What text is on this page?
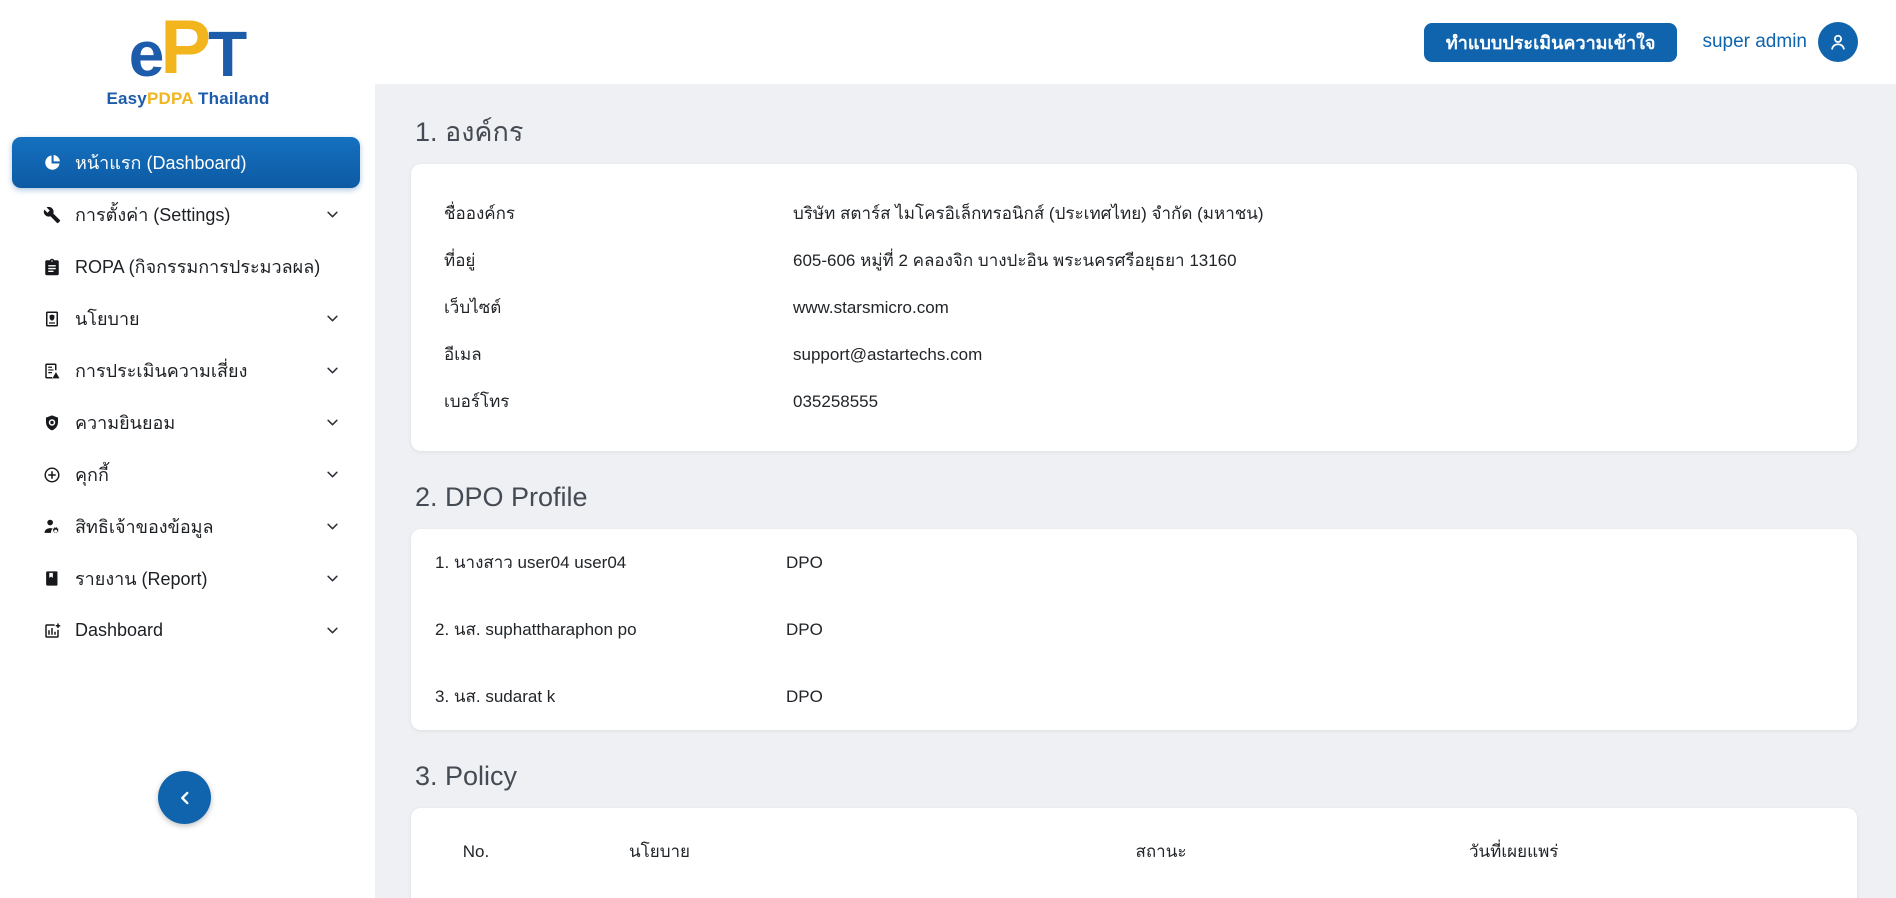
e
P
T
EasyPDPA Thailand
หน้าแรก (Dashboard)
การตั้งค่า (Settings)
ROPA (กิจกรรมการประมวลผล)
นโยบาย
การประเมินความเสี่ยง
ความยินยอม
คุกกี้
สิทธิเจ้าของข้อมูล
รายงาน (Report)
Dashboard
ทำแบบประเมินความเข้าใจ	super admin
1. องค์กร
ชื่อองค์กร	บริษัท สตาร์ส ไมโครอิเล็กทรอนิกส์ (ประเทศไทย) จำกัด (มหาชน)
ที่อยู่	605-606 หมู่ที่ 2 คลองจิก บางปะอิน พระนครศรีอยุธยา 13160
เว็บไซต์	www.starsmicro.com
อีเมล	support@astartechs.com
เบอร์โทร	035258555
2. DPO Profile
1. นางสาว user04 user04	DPO
2. นส. suphattharaphon po	DPO
3. นส. sudarat k	DPO
3. Policy
No.	นโยบาย	สถานะ	วันที่เผยแพร่
